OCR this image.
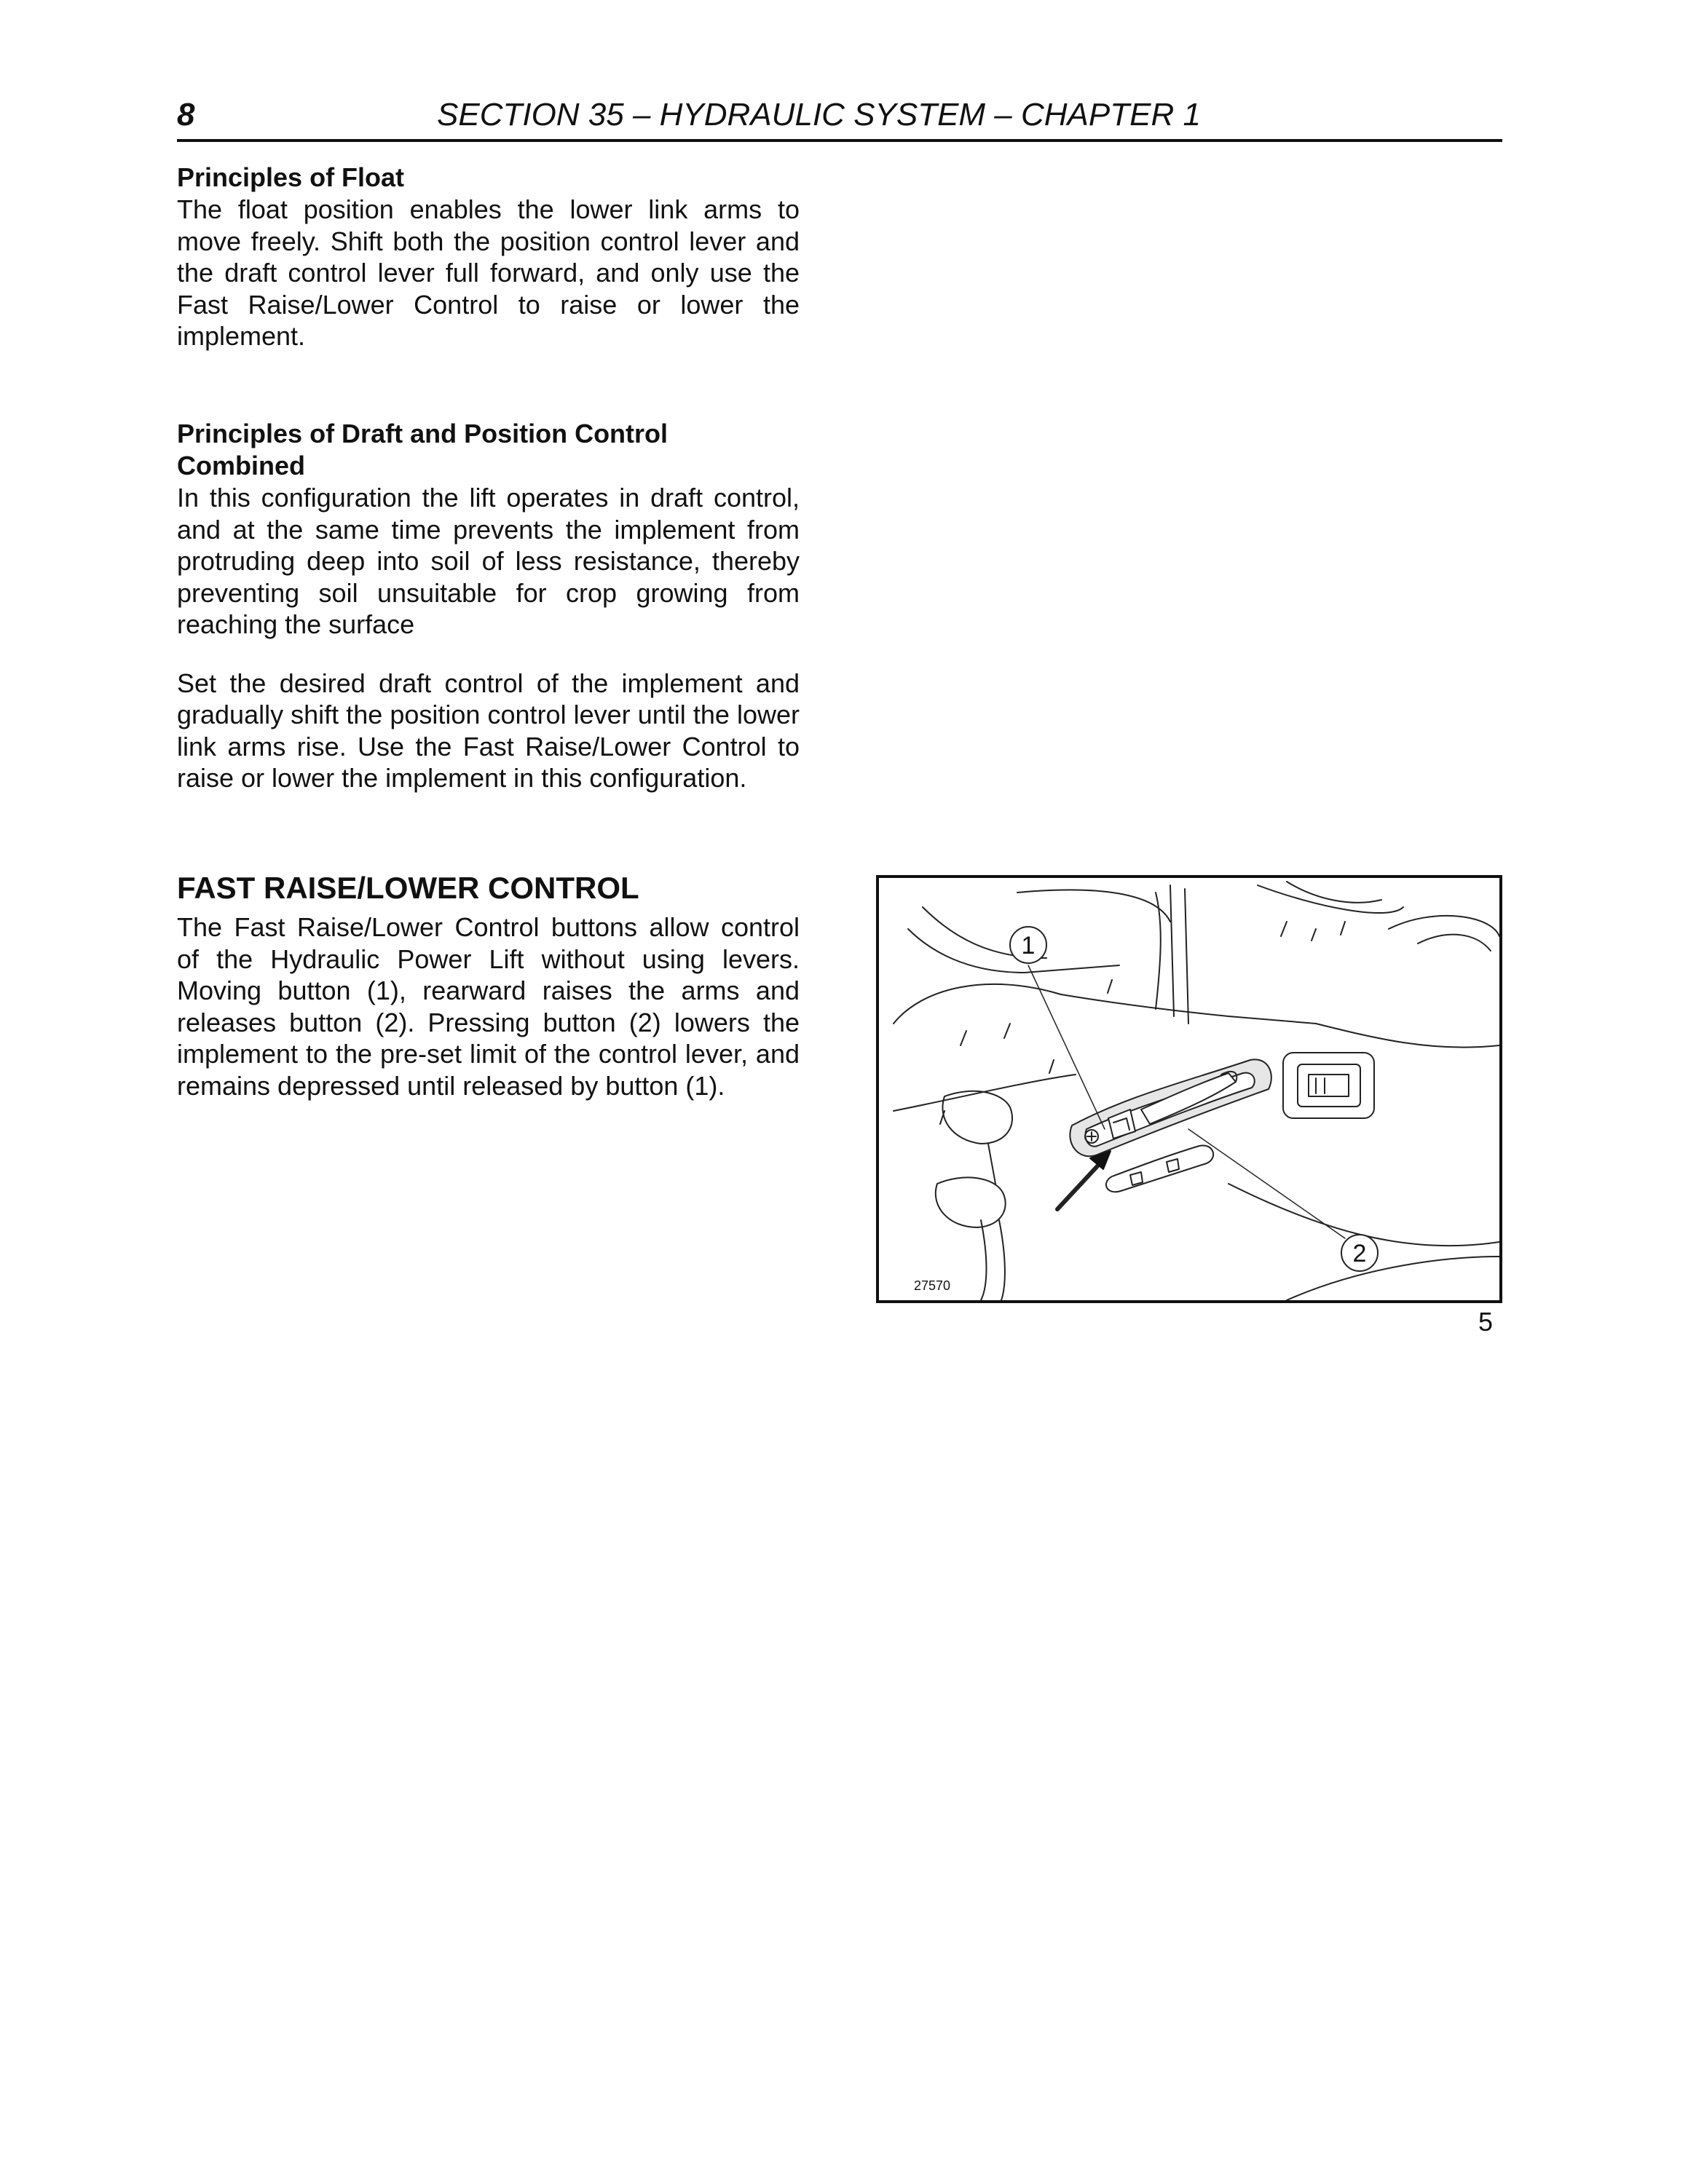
8	SECTION 35 – HYDRAULIC SYSTEM – CHAPTER 1

Principles of Float

The float position enables the lower link arms to move freely. Shift both the position control lever and the draft control lever full forward, and only use the Fast Raise/Lower Control to raise or lower the implement.

Principles of Draft and Position Control

Combined

In this configuration the lift operates in draft control, and at the same time prevents the implement from protruding deep into soil of less resistance, thereby preventing soil unsuitable for crop growing from reaching the surface

Set the desired draft control of the implement and gradually shift the position control lever until the lower link arms rise. Use the Fast Raise/Lower Control to raise or lower the implement in this configuration.

FAST RAISE/LOWER CONTROL

The Fast Raise/Lower Control buttons allow control of the Hydraulic Power Lift without using levers. Moving button (1), rearward raises the arms and releases button (2). Pressing button (2) lowers the implement to the pre-set limit of the control lever, and remains depressed until released by button (1).

1
2
27570
5
